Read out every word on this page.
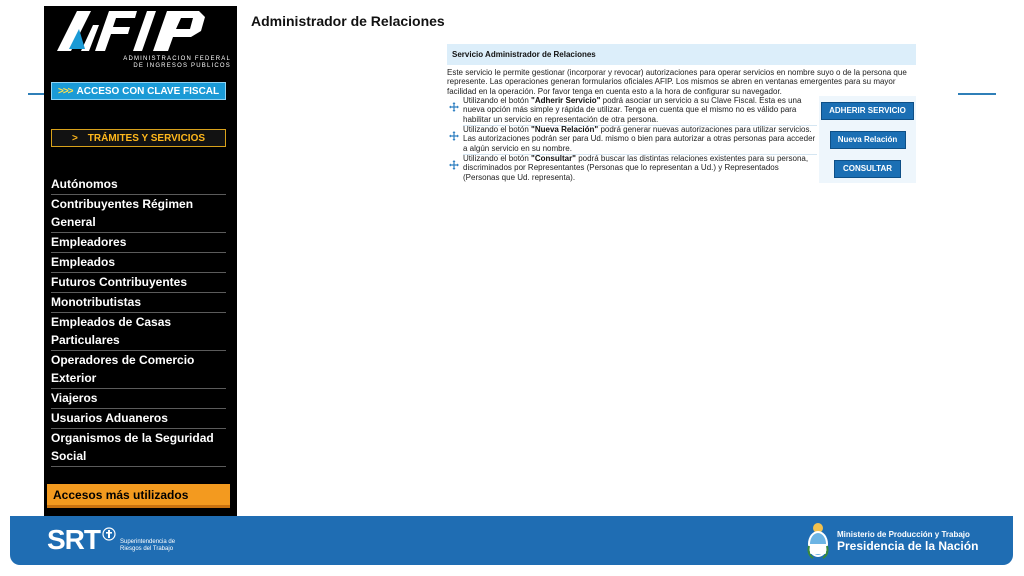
ADMINISTRACION FEDERAL
DE INGRESOS PUBLICOS
>>> ACCESO CON CLAVE FISCAL
> TRÁMITES Y SERVICIOS
Autónomos
Contribuyentes Régimen General
Empleadores
Empleados
Futuros Contribuyentes
Monotributistas
Empleados de Casas Particulares
Operadores de Comercio Exterior
Viajeros
Usuarios Aduaneros
Organismos de la Seguridad Social
Accesos más utilizados
Administrador de Relaciones
Servicio Administrador de Relaciones
Este servicio le permite gestionar (incorporar y revocar) autorizaciones para operar servicios en nombre suyo o de la persona que represente. Las operaciones generan formularios oficiales AFIP. Los mismos se abren en ventanas emergentes para su mayor facilidad en la operación. Por favor tenga en cuenta esto a la hora de configurar su navegador.
Utilizando el botón "Adherir Servicio" podrá asociar un servicio a su Clave Fiscal. Esta es una nueva opción más simple y rápida de utilizar. Tenga en cuenta que el mismo no es válido para habilitar un servicio en representación de otra persona.
ADHERIR SERVICIO
Utilizando el botón "Nueva Relación" podrá generar nuevas autorizaciones para utilizar servicios. Las autorizaciones podrán ser para Ud. mismo o bien para autorizar a otras personas para acceder a algún servicio en su nombre.
Nueva Relación
Utilizando el botón "Consultar" podrá buscar las distintas relaciones existentes para su persona, discriminados por Representantes (Personas que lo representan a Ud.) y Representados (Personas que Ud. representa).
CONSULTAR
SRT	Superintendencia de
Riesgos del Trabajo
Ministerio de Producción y Trabajo
Presidencia de la Nación
